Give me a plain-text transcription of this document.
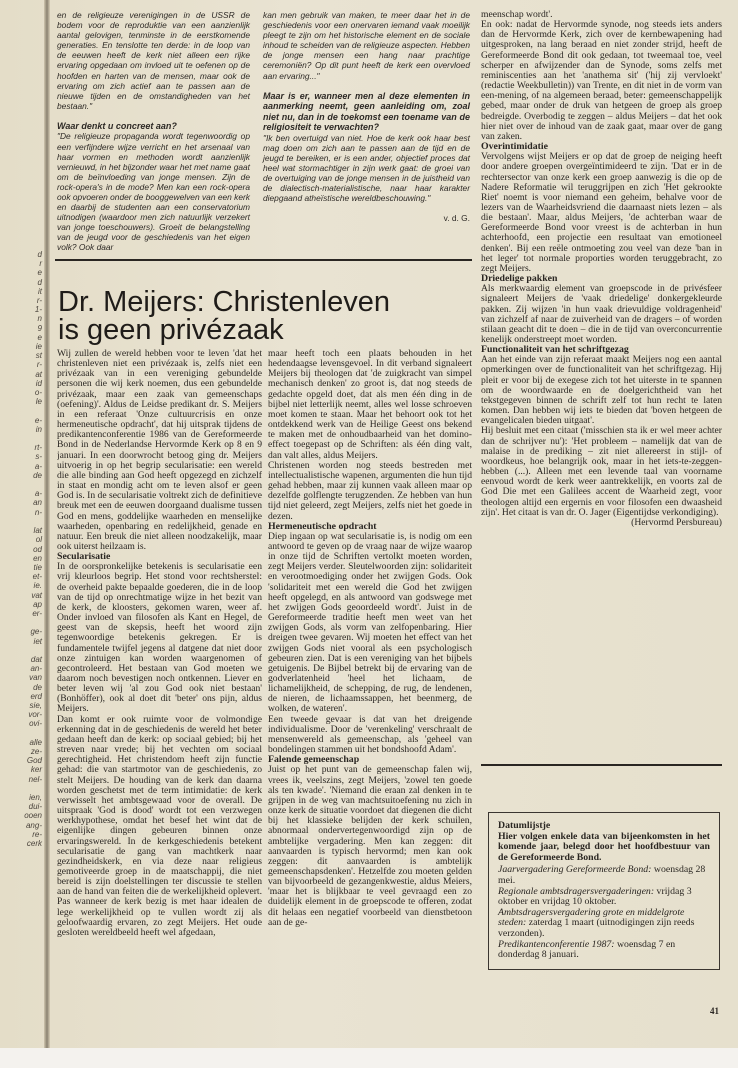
d
r
e
d
it
r-
1-
n
9
e
ie
st
r-
at
id
o-
le

e-
in

rt-
s-
a-
de

a-
an
n-

lat
ol
od
en
tie
et-
ie.
vat
ap
er-

ge-
iet

dat
an-
van
de
erd
sie,
vor-
ovi-

alle
ze-
God
ker
nel-

ien,
dui-
ooen
ang-
re-
cerk

en de religieuze verenigingen in de USSR de bodem voor de reproduktie van een aanzienlijk aantal gelovigen, tenminste in de eerstkomende generaties. En tenslotte ten derde: in de loop van de eeuwen heeft de kerk niet alleen een rijke ervaring opgedaan om invloed uit te oefenen op de hoofden en harten van de mensen, maar ook de ervaring om zich actief aan te passen aan de nieuwe tijden en de omstandigheden van het bestaan."

Waar denkt u concreet aan?

"De religieuze propaganda wordt tegenwoordig op een verfijndere wijze verricht en het arsenaal van haar vormen en methoden wordt aanzienlijk vernieuwd, in het bijzonder waar het met name gaat om de beïnvloeding van jonge mensen. Zijn de rock-opera's in de mode? Men kan een rock-opera ook opvoeren onder de booggewelven van een kerk en daarbij de studenten aan een conservatorium uitnodigen (waardoor men zich natuurlijk verzekert van jonge toeschouwers). Groeit de belangstelling van de jeugd voor de geschiedenis van het eigen volk? Ook daar

kan men gebruik van maken, te meer daar het in de geschiedenis voor een onervaren iemand vaak moeilijk pleegt te zijn om het historische element en de sociale inhoud te scheiden van de religieuze aspecten. Hebben de jonge mensen een hang naar prachtige ceremoniën? Op dit punt heeft de kerk een overvloed aan ervaring..."

Maar is er, wanneer men al deze elementen in aanmerking neemt, geen aanleiding om, zoal niet nu, dan in de toekomst een toename van de religiositeit te verwachten?

"Ik ben overtuigd van niet. Hoe de kerk ook haar best mag doen om zich aan te passen aan de tijd en de jeugd te bereiken, er is een ander, objectief proces dat heel wat stormachtiger in zijn werk gaat: de groei van de overtuiging van de jonge mensen in de juistheid van de dialectisch-materialistische, naar haar karakter diepgaand atheïstische wereldbeschouwing."

v. d. G.

Dr. Meijers: Christenleven
is geen privézaak

Wij zullen de wereld hebben voor te leven 'dat het christenleven niet een privézaak is, zelfs niet een privézaak van in een vereniging gebundelde personen die wij kerk noemen, dus een gebundelde privézaak, maar een zaak van gemeenschaps (oefening)'. Aldus de Leidse predikant dr. S. Meijers in een referaat 'Onze cultuurcrisis en onze hermeneutische opdracht', dat hij uitsprak tijdens de predikantenconferentie 1986 van de Gereformeerde Bond in de Nederlandse Hervormde Kerk op 8 en 9 januari. In een doorwrocht betoog ging dr. Meijers uitvoerig in op het begrip secularisatie: een wereld die alle binding aan God heeft opgezegd en zichzelf in staat en mondig acht om te leven alsof er geen God is. In de secularisatie voltrekt zich de definitieve breuk met een de eeuwen doorgaand dualisme tussen God en mens, goddelijke waarheden en menselijke waarheden, openbaring en redelijkheid, genade en natuur. Een breuk die niet alleen noodzakelijk, maar ook uiterst heilzaam is.

Secularisatie

In de oorspronkelijke betekenis is secularisatie een vrij kleurloos begrip. Het stond voor rechtsherstel: de overheid pakte bepaalde goederen, die in de loop van de tijd op onrechtmatige wijze in het bezit van de kerk, de kloosters, gekomen waren, weer af. Onder invloed van filosofen als Kant en Hegel, de geest van de skepsis, heeft het woord zijn tegenwoordige betekenis gekregen. Er is fundamentele twijfel jegens al datgene dat niet door onze zintuigen kan worden waargenomen of gecontroleerd. Het bestaan van God moeten we daarom noch bevestigen noch ontkennen. Liever en beter leven wij 'al zou God ook niet bestaan' (Bonhöffer), ook al doet dit 'beter' ons pijn, aldus Meijers.

Dan komt er ook ruimte voor de volmondige erkenning dat in de geschiedenis de wereld het beter gedaan heeft dan de kerk: op sociaal gebied; bij het streven naar vrede; bij het vechten om sociaal gerechtigheid. Het christendom heeft zijn functie gehad: die van startmotor van de geschiedenis, zo stelt Meijers. De houding van de kerk dan daarna worden geschetst met de term intimidatie: de kerk verwisselt het ambtsgewaad voor de overall. De uitspraak 'God is dood' wordt tot een verzwegen werkhypothese, omdat het besef het wint dat de eigenlijke dingen gebeuren binnen onze ervaringswereld. In de kerkgeschiedenis betekent secularisatie de gang van machtkerk naar gezindheidskerk, en via deze naar religieus gemotiveerde groep in de maatschappij, die niet bereid is zijn doelstellingen ter discussie te stellen aan de hand van feiten die de werkelijkheid oplevert. Pas wanneer de kerk bezig is met haar idealen de lege werkelijkheid op te vullen wordt zij als geloofwaardig ervaren, zo zegt Meijers. Het oude gesloten wereldbeeld heeft wel afgedaan,

maar heeft toch een plaats behouden in het hedendaagse levensgevoel. In dit verband signaleert Meijers bij theologen dat 'de zuigkracht van simpel mechanisch denken' zo groot is, dat nog steeds de gedachte opgeld doet, dat als men één ding in de bijbel niet letterlijk neemt, alles wel losse schroeven moet komen te staan. Maar het behoort ook tot het ontdekkend werk van de Heilige Geest ons bekend te maken met de onhoudbaarheid van het domino-effect toegepast op de Schriften: als één ding valt, dan valt alles, aldus Meijers.

Christenen worden nog steeds bestreden met intellectualistische wapenen, argumenten die hun tijd gehad hebben, maar zij kunnen vaak alleen maar op dezelfde golflengte terugzenden. Ze hebben van hun tijd niet geleerd, zegt Meijers, zelfs niet het goede in dezen.

Hermeneutische opdracht

Diep ingaan op wat secularisatie is, is nodig om een antwoord te geven op de vraag naar de wijze waarop in onze tijd de Schriften vertolkt moeten worden, zegt Meijers verder. Sleutelwoorden zijn: solidariteit en verootmoediging onder het zwijgen Gods. Ook 'solidariteit met een wereld die God het zwijgen heeft opgelegd, en als antwoord van godswege met het zwijgen Gods geoordeeld wordt'. Juist in de Gereformeerde traditie heeft men weet van het zwijgen Gods, als vorm van zelfopenbaring. Hier dreigen twee gevaren. Wij moeten het effect van het zwijgen Gods niet vooral als een psychologisch gebeuren zien. Dat is een vereniging van het bijbels getuigenis. De Bijbel betrekt bij de ervaring van de godverlatenheid 'heel het lichaam, de lichamelijkheid, de schepping, de rug, de lendenen, de nieren, de lichaamssappen, het beenmerg, de wolken, de wateren'.

Een tweede gevaar is dat van het dreigende individualisme. Door de 'verenkeling' verschraalt de mensenwereld als gemeenschap, als 'geheel van bondelingen stammen uit het bondshoofd Adam'.

Falende gemeenschap

Juist op het punt van de gemeenschap falen wij, vrees ik, veelszins, zegt Meijers, 'zowel ten goede als ten kwade'. 'Niemand die eraan zal denken in te grijpen in de weg van machtsuitoefening nu zich in onze kerk de situatie voordoet dat diegenen die dicht bij het klassieke belijden der kerk schuilen, abnormaal ondervertegenwoordigd zijn op de ambtelijke vergadering. Men kan zeggen: dit aanvaarden is typisch hervormd; men kan ook zeggen: dit aanvaarden is ambtelijk gemeenschapsdenken'. Hetzelfde zou moeten gelden van bijvoorbeeld de gezangenkwestie, aldus Meiers, 'maar het is blijkbaar te veel gevraagd een zo duidelijk element in de groepscode te offeren, zodat dit helaas een negatief voorbeeld van dienstbetoon aan de ge-

meenschap wordt'.

En ook: nadat de Hervormde synode, nog steeds iets anders dan de Hervormde Kerk, zich over de kernbewapening had uitgesproken, na lang beraad en niet zonder strijd, heeft de Gereformeerde Bond dit ook gedaan, tot tweemaal toe, veel scherper en afwijzender dan de Synode, soms zelfs met reminiscenties aan het 'anathema sit' ('hij zij vervloekt' (redactie Weekbulletin)) van Trente, en dit niet in de vorm van een-mening, of na algemeen beraad, beter: gemeenschappelijk gebed, maar onder de druk van hetgeen de groep als groep bedreigde. Overbodig te zeggen – aldus Meijers – dat het ook hier niet over de inhoud van de zaak gaat, maar over de gang van zaken.

Overintimidatie

Vervolgens wijst Meijers er op dat de groep de neiging heeft door andere groepen overgeïntimideerd te zijn. 'Dat er in de rechtersector van onze kerk een groep aanwezig is die op de Nadere Reformatie wil teruggrijpen en zich 'Het gekrookte Riet' noemt is voor niemand een geheim, behalve voor de lezers van de Waarheidsvriend die daarnaast niets lezen – als die bestaan'. Maar, aldus Meijers, 'de achterban waar de Gereformeerde Bond voor vreest is de achterban in hun achterhoofd, een projectie een resultaat van emotioneel denken'. Bij een reële ontmoeting zou veel van deze 'ban in het leger' tot normale proporties worden teruggebracht, zo zegt Meijers.

Driedelige pakken

Als merkwaardig element van groepscode in de privésfeer signaleert Meijers de 'vaak driedelige' donkergekleurde pakken. Zij wijzen 'in hun vaak drievuldige voldragenheid' van zichzelf af naar de zuiverheid van de dragers – of worden stilaan geacht dit te doen – die in de tijd van overconcurrentie kenelijk onderstreept moet worden.

Functionaliteit van het schriftgezag

Aan het einde van zijn referaat maakt Meijers nog een aantal opmerkingen over de functionaliteit van het schriftgezag. Hij pleit er voor bij de exegese zich tot het uiterste in te spannen om de woordwaarde en de doelgerichtheid van het tekstgegeven binnen de schrift zelf tot hun recht te laten komen. Dan hebben wij iets te bieden dat 'boven hetgeen de evangelicalen bieden uitgaat'.

Hij besluit met een citaat ('misschien sta ik er wel meer achter dan de schrijver nu'): 'Het probleem – namelijk dat van de malaise in de prediking – zit niet allereerst in stijl- of woordkeus, hoe belangrijk ook, maar in het iets-te-zeggen-hebben (...). Alleen met een levende taal van voorname eenvoud wordt de kerk weer aantrekkelijk, en voorts zal de God Die met een Galilees accent de Waarheid zegt, voor theologen altijd een ergernis en voor filosofen een dwaasheid zijn'. Het citaat is van dr. O. Jager (Eigentijdse verkondiging).

(Hervormd Persbureau)

Datumlijstje
Hier volgen enkele data van bijeenkomsten in het komende jaar, belegd door het hoofdbestuur van de Gereformeerde Bond.
Jaarvergadering Gereformeerde Bond: woensdag 28 mei.
Regionale ambtsdragersvergaderingen: vrijdag 3 oktober en vrijdag 10 oktober.
Ambtsdragersvergadering grote en middelgrote steden: zaterdag 1 maart (uitnodigingen zijn reeds verzonden).
Predikantenconferentie 1987: woensdag 7 en donderdag 8 januari.
41
